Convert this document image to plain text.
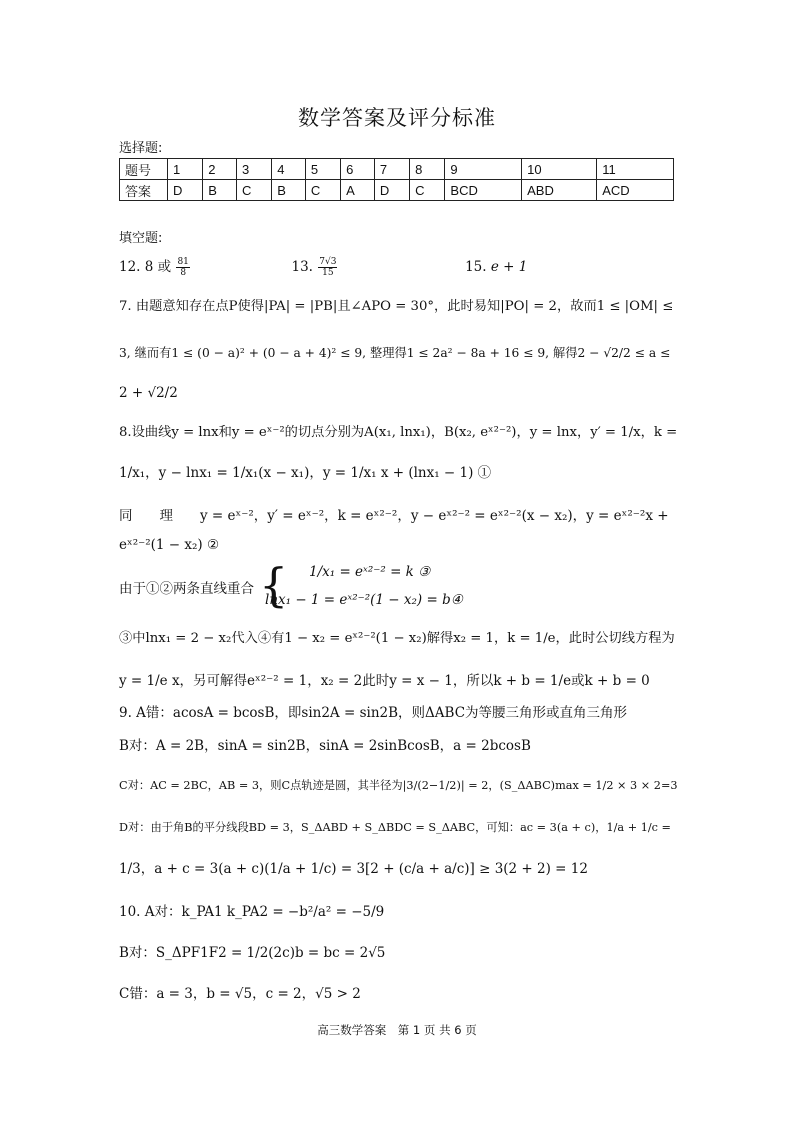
数学答案及评分标准
选择题:
题号	1	2	3	4	5	6	7	8	9	10	11
答案	D	B	C	B	C	A	D	C	BCD	ABD	ACD
填空题:
12. 8 或 $\frac{81}{8}$	13. $\frac{7√3}{15}$	15. e + 1
7. 由题意知存在点P使得|PA| = |PB|且∠APO = 30°，此时易知|PO| = 2，故而1 ≤ |OM| ≤
3, 继而有1 ≤ (0 − a)² + (0 − a + 4)² ≤ 9, 整理得1 ≤ 2a² − 8a + 16 ≤ 9, 解得2 − √2/2 ≤ a ≤
2 + √2/2
8.设曲线y = lnx和y = eˣ⁻²的切点分别为A(x₁, lnx₁)，B(x₂, eˣ²⁻²)，y = lnx，y′ = 1/x，k =
1/x₁，y − lnx₁ = 1/x₁(x − x₁)，y = 1/x₁ x + (lnx₁ − 1) ①
同　　理　　y = eˣ⁻²，y′ = eˣ⁻²，k = eˣ²⁻²，y − eˣ²⁻² = eˣ²⁻²(x − x₂)，y = eˣ²⁻²x +
eˣ²⁻²(1 − x₂) ②
由于①②两条直线重合 { 1/x₁ = eˣ²⁻² = k ③
lnx₁ − 1 = eˣ²⁻²(1 − x₂) = b④
③中lnx₁ = 2 − x₂代入④有1 − x₂ = eˣ²⁻²(1 − x₂)解得x₂ = 1，k = 1/e，此时公切线方程为
y = 1/e x，另可解得eˣ²⁻² = 1，x₂ = 2此时y = x − 1，所以k + b = 1/e或k + b = 0
9. A错：acosA = bcosB，即sin2A = sin2B，则ΔABC为等腰三角形或直角三角形
B对：A = 2B，sinA = sin2B，sinA = 2sinBcosB，a = 2bcosB
C对：AC = 2BC，AB = 3，则C点轨迹是圆，其半径为|3/(2−1/2)| = 2，(S_ΔABC)max = 1/2 × 3 × 2=3
D对：由于角B的平分线段BD = 3，S_ΔABD + S_ΔBDC = S_ΔABC，可知：ac = 3(a + c)，1/a + 1/c =
1/3，a + c = 3(a + c)(1/a + 1/c) = 3[2 + (c/a + a/c)] ≥ 3(2 + 2) = 12
10. A对：k_PA1 k_PA2 = −b²/a² = −5/9
B对：S_ΔPF1F2 = 1/2(2c)b = bc = 2√5
C错：a = 3，b = √5，c = 2，√5 > 2
高三数学答案　第 1 页 共 6 页
